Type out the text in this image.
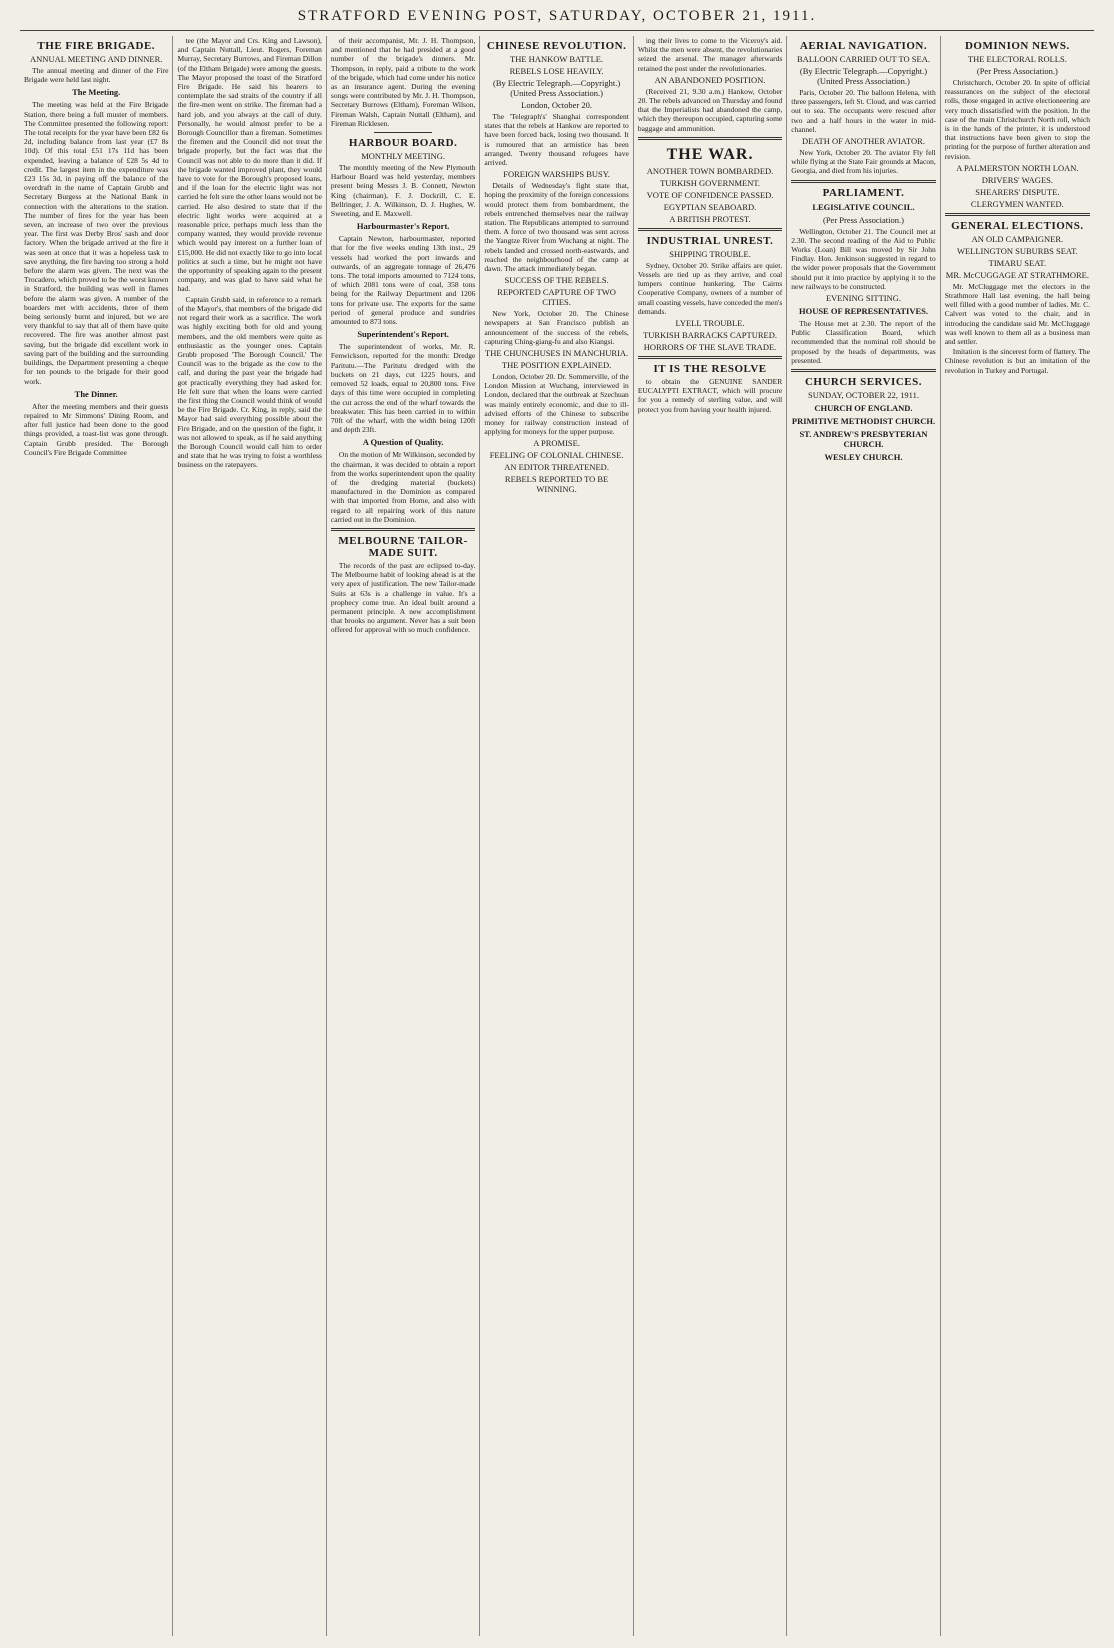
STRATFORD EVENING POST, SATURDAY, OCTOBER 21, 1911.
THE FIRE BRIGADE.
ANNUAL MEETING AND DINNER.

The annual meeting and dinner of the Fire Brigade were held last night.

The Meeting.

The meeting was held at the Fire Brigade Station, there being a full muster of members. The Committee presented the following report: The total receipts for the year have been £82 6s 2d, including balance from last year (£7 8s 10d). Of this total £51 17s 11d has been expended, leaving a balance of £28 5s 4d to credit. The largest item in the expenditure was £23 15s 3d, in paying off the balance of the overdraft in the name of Captain Grubb and Secretary Burgess at the National Bank in connection with the alterations to the station. The number of fires for the year has been seven, an increase of two over the previous year. The first was Derby Bros' sash and door factory. When the brigade arrived at the fire it was seen at once that it was a hopeless task to save anything, the fire having too strong a hold before the alarm was given. The next was the Trocadero, which proved to be the worst known in Stratford, the building was well in flames before the alarm was given. A number of the boarders met with accidents, three of them being seriously burnt and injured, but we are very thankful to say that all of them have quite recovered. The fire was another almost past saving, but the brigade did excellent work in saving part of the building and the surrounding buildings, the Department presenting a cheque for ten pounds to the brigade for their good work.

The Dinner.

After the meeting members and their guests repaired to Mr Simmons' Dining Room, and after full justice had been done to the good things provided, a toast-list was gone through. Captain Grubb presided. The Borough Council's Fire Brigade Committee

tee (the Mayor and Crs. King and Lawson), and Captain Nuttall, Lieut. Rogers, Foreman Murray, Secretary Burrows, and Fireman Dillon (of the Eltham Brigade) were among the guests. The Mayor proposed the toast of the Stratford Fire Brigade. He said his hearers to contemplate the sad straits of the country if all the fire-men went on strike. The fireman had a hard job, and you always at the call of duty. Personally, he would almost prefer to be a Borough Councillor than a fireman. Sometimes the firemen and the Council did not treat the brigade properly, but the fact was that the Council was not able to do more than it did. If the brigade wanted improved plant, they would have to vote for the Borough's proposed loans, and if the loan for the electric light was not carried he felt sure the other loans would not be carried. He also desired to state that if the electric light works were acquired at a reasonable price, perhaps much less than the company wanted, they would provide revenue which would pay interest on a further loan of £15,000. He did not exactly like to go into local politics at such a time, but he might not have the opportunity of speaking again to the present company, and was glad to have said what he had.

Captain Grubb said, in reference to a remark of the Mayor's, that members of the brigade did not regard their work as a sacrifice. The work was highly exciting both for old and young members, and the old members were quite as enthusiastic as the younger ones. Captain Grubb proposed 'The Borough Council.' The Council was to the brigade as the cow to the calf, and during the past year the brigade had got practically everything they had asked for. He felt sure that when the loans were carried the first thing the Council would think of would be the Fire Brigade. Cr. King, in reply, said the Mayor had said everything possible about the Fire Brigade, and on the question of the fight, it was not allowed to speak, as if he said anything the Borough Council would call him to order and state that he was trying to foist a worthless business on the ratepayers.

of their accompanist, Mr. J. H. Thompson, and mentioned that he had presided at a good number of the brigade's dinners. Mr. Thompson, in reply, paid a tribute to the work of the brigade, which had come under his notice as an insurance agent. During the evening songs were contributed by Mr. J. H. Thompson, Secretary Burrows (Eltham), Foreman Wilson, Fireman Walsh, Captain Nuttall (Eltham), and Fireman Ricklesen.

HARBOUR BOARD.
MONTHLY MEETING.

The monthly meeting of the New Plymouth Harbour Board was held yesterday, members present being Messrs J. B. Connett, Newton King (chairman), F. J. Dockrill, C. E. Bellringer, J. A. Wilkinson, D. J. Hughes, W. Sweeting, and E. Maxwell.

Harbourmaster's Report.

Captain Newton, harbourmaster, reported that for the five weeks ending 13th inst., 29 vessels had worked the port inwards and outwards, of an aggregate tonnage of 26,476 tons. The total imports amounted to 7124 tons, of which 2081 tons were of coal, 358 tons being for the Railway Department and 1206 tons for private use. The exports for the same period of general produce and sundries amounted to 873 tons.

Superintendent's Report.

The superintendent of works, Mr. R. Fenwickson, reported for the month: Dredge Paritutu.—The Paritutu dredged with the buckets on 21 days, cut 1225 hours, and removed 52 loads, equal to 20,800 tons. Five days of this time were occupied in completing the cut across the end of the wharf towards the breakwater. This has been carried in to within 70ft of the wharf, with the width being 120ft and depth 23ft.

A Question of Quality.

On the motion of Mr Wilkinson, seconded by the chairman, it was decided to obtain a report from the works superintendent upon the quality of the dredging material (buckets) manufactured in the Dominion as compared with that imported from Home, and also with regard to all repairing work of this nature carried out in the Dominion.

MELBOURNE TAILOR-MADE SUIT.

The records of the past are eclipsed to-day. The Melbourne habit of looking ahead is at the very apex of justification. The new Tailor-made Suits at 63s is a challenge in value. It's a prophecy come true. An ideal built around a permanent principle. A new accomplishment that brooks no argument. Never has a suit been offered for approval with so much confidence.

CHINESE REVOLUTION.
THE HANKOW BATTLE.
REBELS LOSE HEAVILY.
(By Electric Telegraph.—Copyright.) (United Press Association.)
London, October 20.

The 'Telegraph's' Shanghai correspondent states that the rebels at Hankow are reported to have been forced back, losing two thousand. It is rumoured that an armistice has been arranged. Twenty thousand refugees have arrived.

FOREIGN WARSHIPS BUSY.

Details of Wednesday's fight state that, hoping the proximity of the foreign concessions would protect them from bombardment, the rebels entrenched themselves near the railway station. The Republicans attempted to surround them. A force of two thousand was sent across the Yangtze River from Wuchang at night. The rebels landed and crossed north-eastwards, and reached the neighbourhood of the camp at dawn. The attack immediately began.

SUCCESS OF THE REBELS.
REPORTED CAPTURE OF TWO CITIES.

New York, October 20. The Chinese newspapers at San Francisco publish an announcement of the success of the rebels, capturing Ching-giang-fu and also Kiangsi.

THE CHUNCHUSES IN MANCHURIA.
THE POSITION EXPLAINED.

London, October 20. Dr. Sommerville, of the London Mission at Wuchang, interviewed in London, declared that the outbreak at Szechuan was mainly entirely economic, and due to ill-advised efforts of the Chinese to subscribe money for railway construction instead of applying for moneys for the upper purpose.

A PROMISE.
FEELING OF COLONIAL CHINESE.
AN EDITOR THREATENED.
REBELS REPORTED TO BE WINNING.

ing their lives to come to the Viceroy's aid. Whilst the men were absent, the revolutionaries seized the arsenal. The manager afterwards retained the post under the revolutionaries.

AN ABANDONED POSITION.

(Received 21, 9.30 a.m.) Hankow, October 20. The rebels advanced on Thursday and found that the Imperialists had abandoned the camp, which they thereupon occupied, capturing some baggage and ammunition.

THE WAR.
ANOTHER TOWN BOMBARDED.
TURKISH GOVERNMENT.
VOTE OF CONFIDENCE PASSED.
EGYPTIAN SEABOARD.
A BRITISH PROTEST.
INDUSTRIAL UNREST.
SHIPPING TROUBLE.

Sydney, October 20. Strike affairs are quiet. Vessels are tied up as they arrive, and coal lumpers continue hunkering. The Cairns Cooperative Company, owners of a number of small coasting vessels, have conceded the men's demands.

LYELL TROUBLE.
TURKISH BARRACKS CAPTURED.
HORRORS OF THE SLAVE TRADE.
IT IS THE RESOLVE

to obtain the GENUINE SANDER EUCALYPTI EXTRACT, which will procure for you a remedy of sterling value, and will protect you from having your health injured.

AERIAL NAVIGATION.
BALLOON CARRIED OUT TO SEA.
(By Electric Telegraph.—Copyright.) (United Press Association.)

Paris, October 20. The balloon Helena, with three passengers, left St. Cloud, and was carried out to sea. The occupants were rescued after two and a half hours in the water in mid-channel.

DEATH OF ANOTHER AVIATOR.

New York, October 20. The aviator Fly fell while flying at the State Fair grounds at Macon, Georgia, and died from his injuries.

PARLIAMENT.
LEGISLATIVE COUNCIL.
(Per Press Association.)

Wellington, October 21. The Council met at 2.30. The second reading of the Aid to Public Works (Loan) Bill was moved by Sir John Findlay. Hon. Jenkinson suggested in regard to the wider power proposals that the Government should put it into practice by applying it to the new railways to be constructed.

EVENING SITTING.
HOUSE OF REPRESENTATIVES.

The House met at 2.30. The report of the Public Classification Board, which recommended that the nominal roll should be proposed by the heads of departments, was presented.

CHURCH SERVICES.
SUNDAY, OCTOBER 22, 1911.
CHURCH OF ENGLAND.
PRIMITIVE METHODIST CHURCH.
ST. ANDREW'S PRESBYTERIAN CHURCH.
WESLEY CHURCH.
DOMINION NEWS.
THE ELECTORAL ROLLS.
(Per Press Association.)

Christchurch, October 20. In spite of official reassurances on the subject of the electoral rolls, those engaged in active electioneering are very much dissatisfied with the position. In the case of the main Christchurch North roll, which is in the hands of the printer, it is understood that instructions have been given to stop the printing for the purpose of further alteration and revision.

A PALMERSTON NORTH LOAN.
DRIVERS' WAGES.
SHEARERS' DISPUTE.
CLERGYMEN WANTED.
GENERAL ELECTIONS.
AN OLD CAMPAIGNER.
WELLINGTON SUBURBS SEAT.
TIMARU SEAT.
MR. McCUGGAGE AT STRATHMORE.

Mr. McCluggage met the electors in the Strathmore Hall last evening, the hall being well filled with a good number of ladies. Mr. C. Calvert was voted to the chair, and in introducing the candidate said Mr. McCluggage was well known to them all as a business man and settler.

Imitation is the sincerest form of flattery. The Chinese revolution is but an imitation of the revolution in Turkey and Portugal.
